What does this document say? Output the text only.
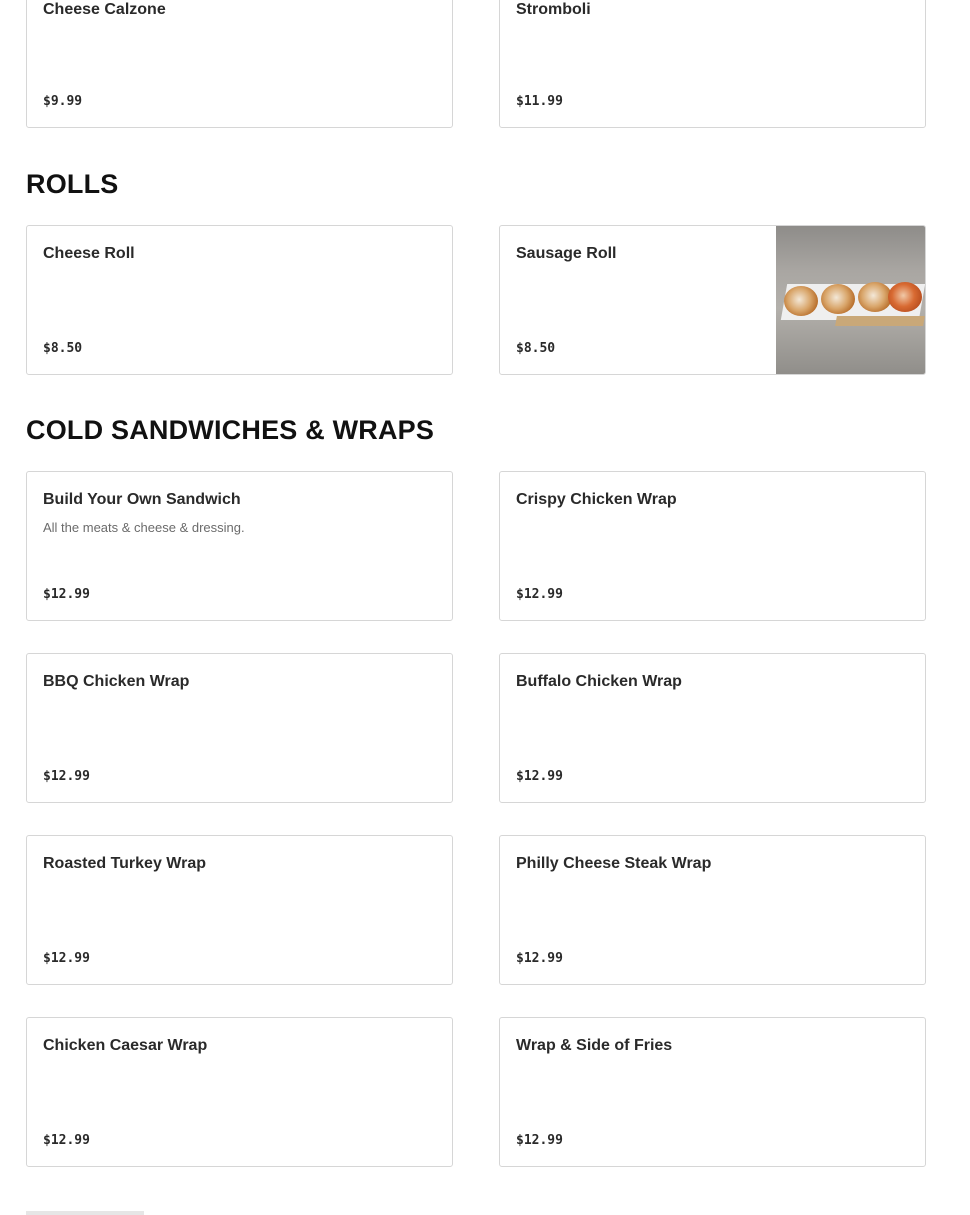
Cheese Calzone
$9.99
Stromboli
$11.99
ROLLS
Cheese Roll
$8.50
Sausage Roll
$8.50
COLD SANDWICHES & WRAPS
Build Your Own Sandwich
All the meats & cheese & dressing.
$12.99
Crispy Chicken Wrap
$12.99
BBQ Chicken Wrap
$12.99
Buffalo Chicken Wrap
$12.99
Roasted Turkey Wrap
$12.99
Philly Cheese Steak Wrap
$12.99
Chicken Caesar Wrap
$12.99
Wrap & Side of Fries
$12.99
